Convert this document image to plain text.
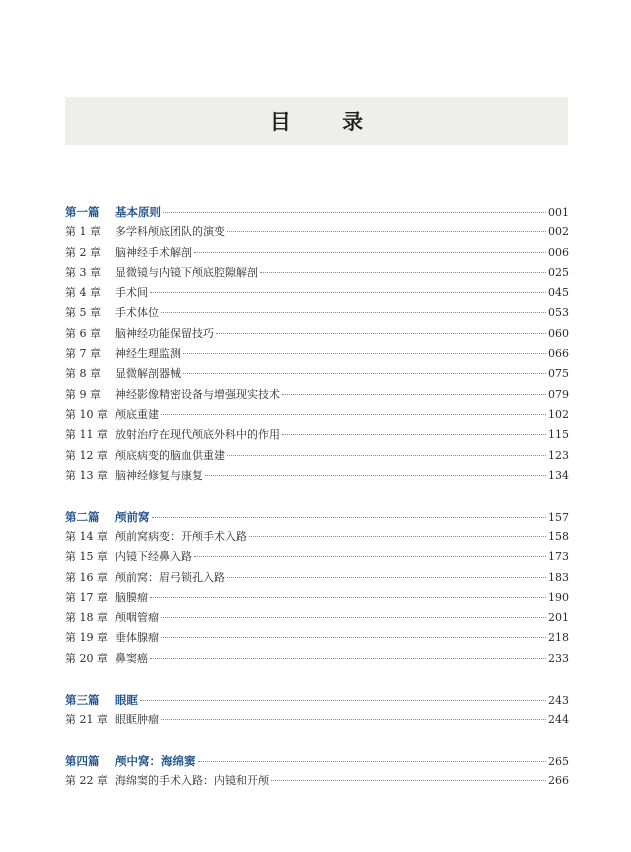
目 录
第一篇	基本原则	001
第 1 章	多学科颅底团队的演变	002
第 2 章	脑神经手术解剖	006
第 3 章	显微镜与内镜下颅底腔隙解剖	025
第 4 章	手术间	045
第 5 章	手术体位	053
第 6 章	脑神经功能保留技巧	060
第 7 章	神经生理监测	066
第 8 章	显微解剖器械	075
第 9 章	神经影像精密设备与增强现实技术	079
第 10 章 颅底重建	102
第 11 章 放射治疗在现代颅底外科中的作用	115
第 12 章 颅底病变的脑血供重建	123
第 13 章 脑神经修复与康复	134
第二篇	颅前窝	157
第 14 章 颅前窝病变：开颅手术入路	158
第 15 章 内镜下经鼻入路	173
第 16 章 颅前窝：眉弓锁孔入路	183
第 17 章 脑膜瘤	190
第 18 章 颅咽管瘤	201
第 19 章 垂体腺瘤	218
第 20 章 鼻窦癌	233
第三篇	眼眶	243
第 21 章 眼眶肿瘤	244
第四篇	颅中窝：海绵窦	265
第 22 章 海绵窦的手术入路：内镜和开颅	266
